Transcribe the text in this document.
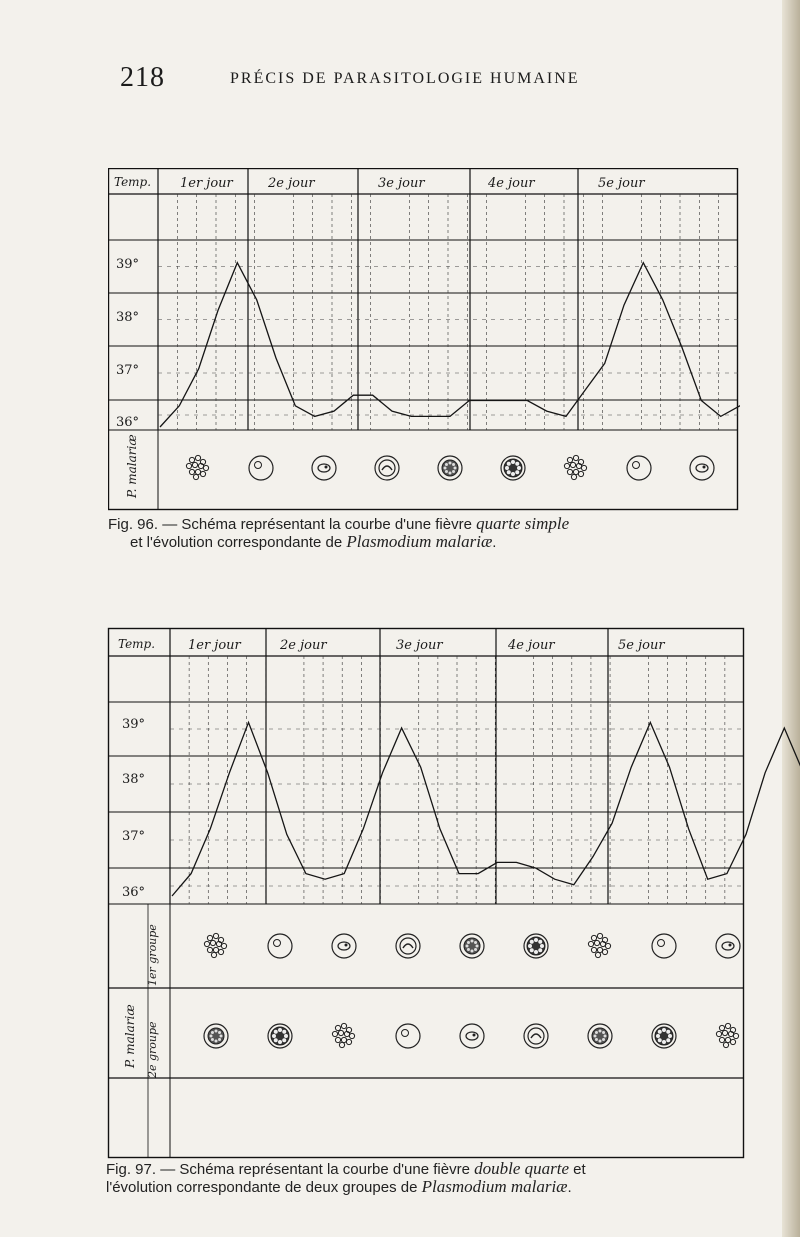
218	PRÉCIS DE PARASITOLOGIE HUMAINE
Temp. 1er jour	2e jour	3e jour	4e jour	5e jour
39°
38°
37°
36°
P. malariæ
Fig. 96. — Schéma représentant la courbe d'une fièvre quarte simple
et l'évolution correspondante de Plasmodium malariæ.
Temp.	1er jour	2e jour	3e jour	4e jour	5e jour
39°
38°
37°
36°
P. malariæ
1er groupe
2e groupe
Fig. 97. — Schéma représentant la courbe d'une fièvre double quarte et
l'évolution correspondante de deux groupes de Plasmodium malariæ.
